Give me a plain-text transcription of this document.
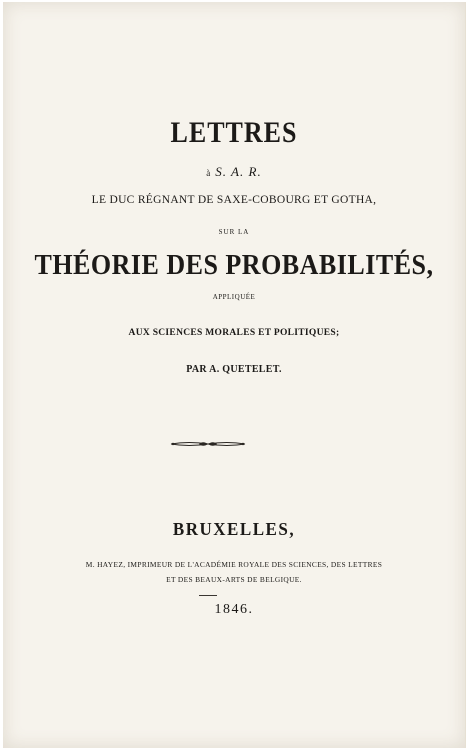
LETTRES
à S. A. R.
LE DUC RÉGNANT DE SAXE-COBOURG ET GOTHA,
SUR LA
THÉORIE DES PROBABILITÉS,
APPLIQUÉE
AUX SCIENCES MORALES ET POLITIQUES;
PAR A. QUETELET.
BRUXELLES,
M. HAYEZ, IMPRIMEUR DE L'ACADÉMIE ROYALE DES SCIENCES, DES LETTRES
ET DES BEAUX-ARTS DE BELGIQUE.
1846.
